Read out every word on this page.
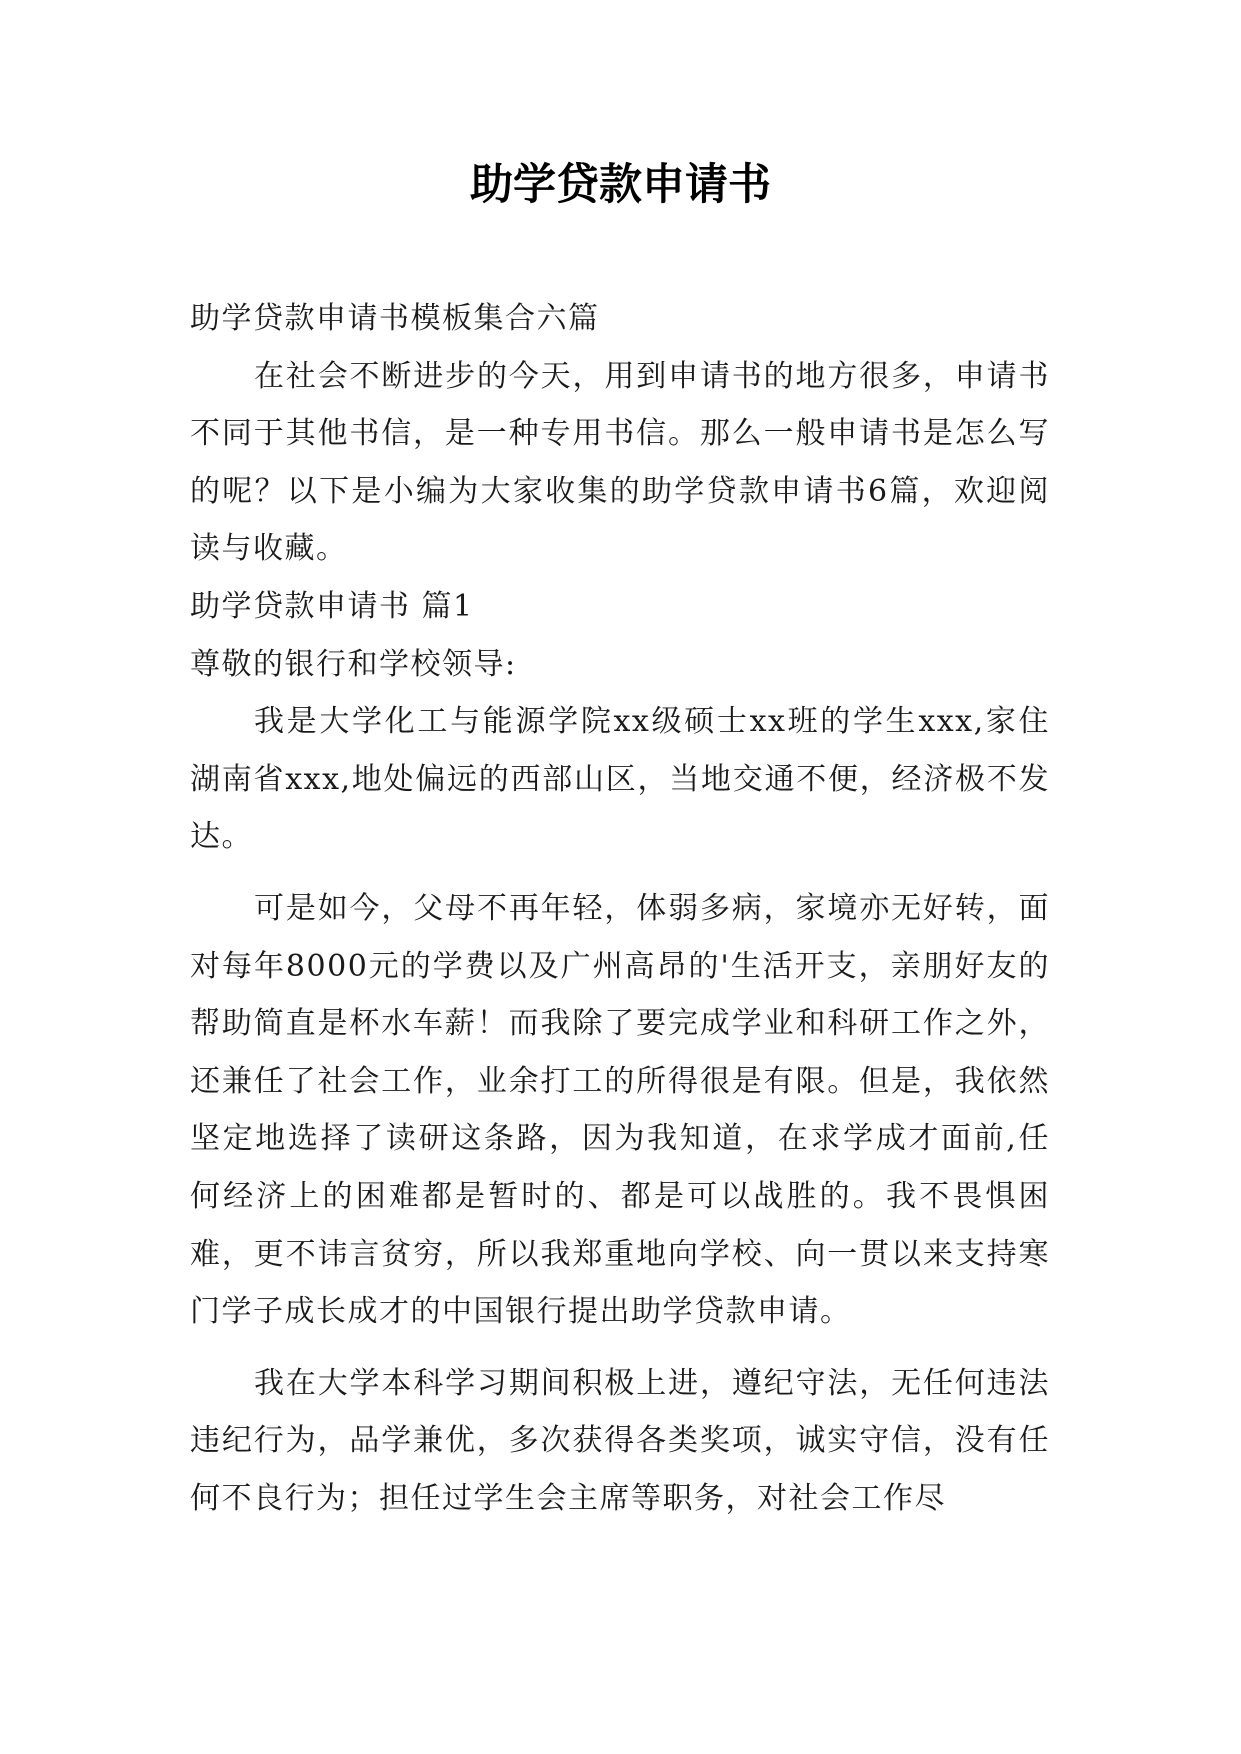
助学贷款申请书

助学贷款申请书模板集合六篇

在社会不断进步的今天，用到申请书的地方很多，申请书不同于其他书信，是一种专用书信。那么一般申请书是怎么写的呢？以下是小编为大家收集的助学贷款申请书6篇，欢迎阅读与收藏。

助学贷款申请书 篇1

尊敬的银行和学校领导:

我是大学化工与能源学院xx级硕士xx班的学生xxx,家住湖南省xxx,地处偏远的西部山区，当地交通不便，经济极不发达。

可是如今，父母不再年轻，体弱多病，家境亦无好转，面对每年8000元的学费以及广州高昂的'生活开支，亲朋好友的帮助简直是杯水车薪！而我除了要完成学业和科研工作之外，还兼任了社会工作，业余打工的所得很是有限。但是，我依然坚定地选择了读研这条路，因为我知道，在求学成才面前,任何经济上的困难都是暂时的、都是可以战胜的。我不畏惧困难，更不讳言贫穷，所以我郑重地向学校、向一贯以来支持寒门学子成长成才的中国银行提出助学贷款申请。

我在大学本科学习期间积极上进，遵纪守法，无任何违法违纪行为，品学兼优，多次获得各类奖项，诚实守信，没有任何不良行为；担任过学生会主席等职务，对社会工作尽
